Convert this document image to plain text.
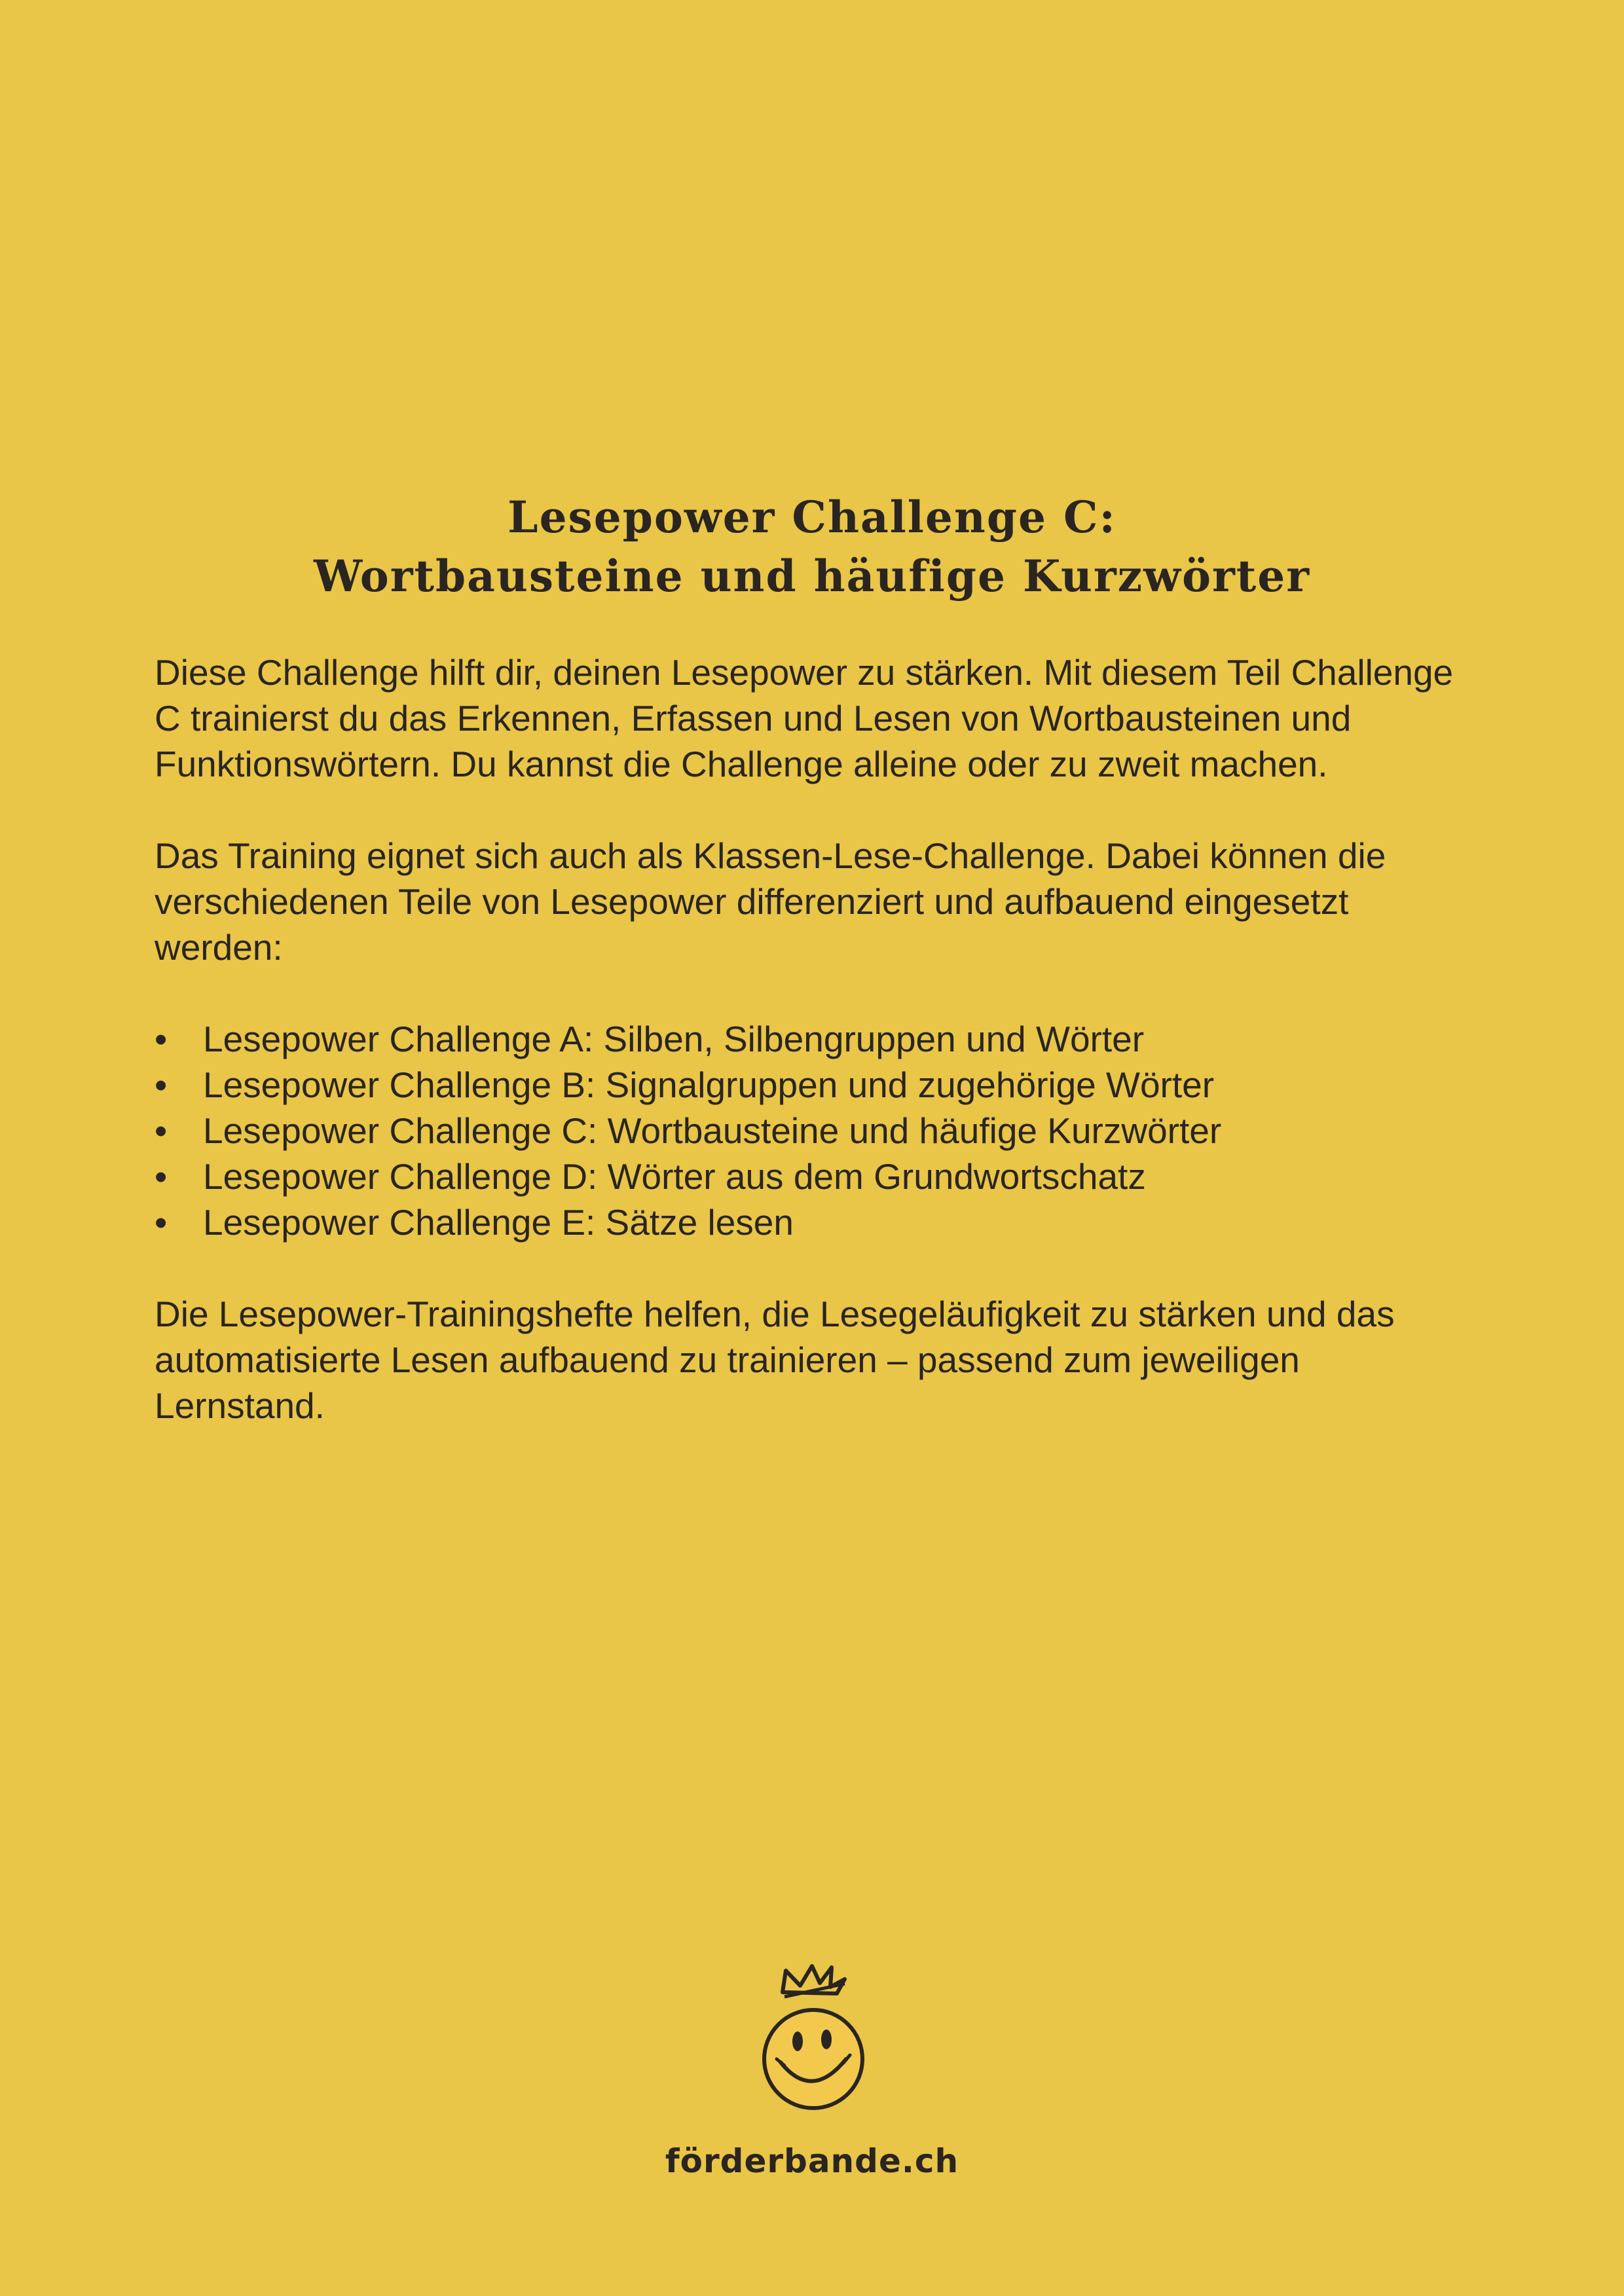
Lesepower Challenge C:
Wortbausteine und häufige Kurzwörter

Diese Challenge hilft dir, deinen Lesepower zu stärken. Mit diesem Teil Challenge C trainierst du das Erkennen, Erfassen und Lesen von Wortbausteinen und Funktionswörtern. Du kannst die Challenge alleine oder zu zweit machen.

Das Training eignet sich auch als Klassen-Lese-Challenge. Dabei können die verschiedenen Teile von Lesepower differenziert und aufbauend eingesetzt werden:

• Lesepower Challenge A: Silben, Silbengruppen und Wörter
• Lesepower Challenge B: Signalgruppen und zugehörige Wörter
• Lesepower Challenge C: Wortbausteine und häufige Kurzwörter
• Lesepower Challenge D: Wörter aus dem Grundwortschatz
• Lesepower Challenge E: Sätze lesen

Die Lesepower-Trainingshefte helfen, die Lesegeläufigkeit zu stärken und das automatisierte Lesen aufbauend zu trainieren – passend zum jeweiligen Lernstand.

förderbande.ch
